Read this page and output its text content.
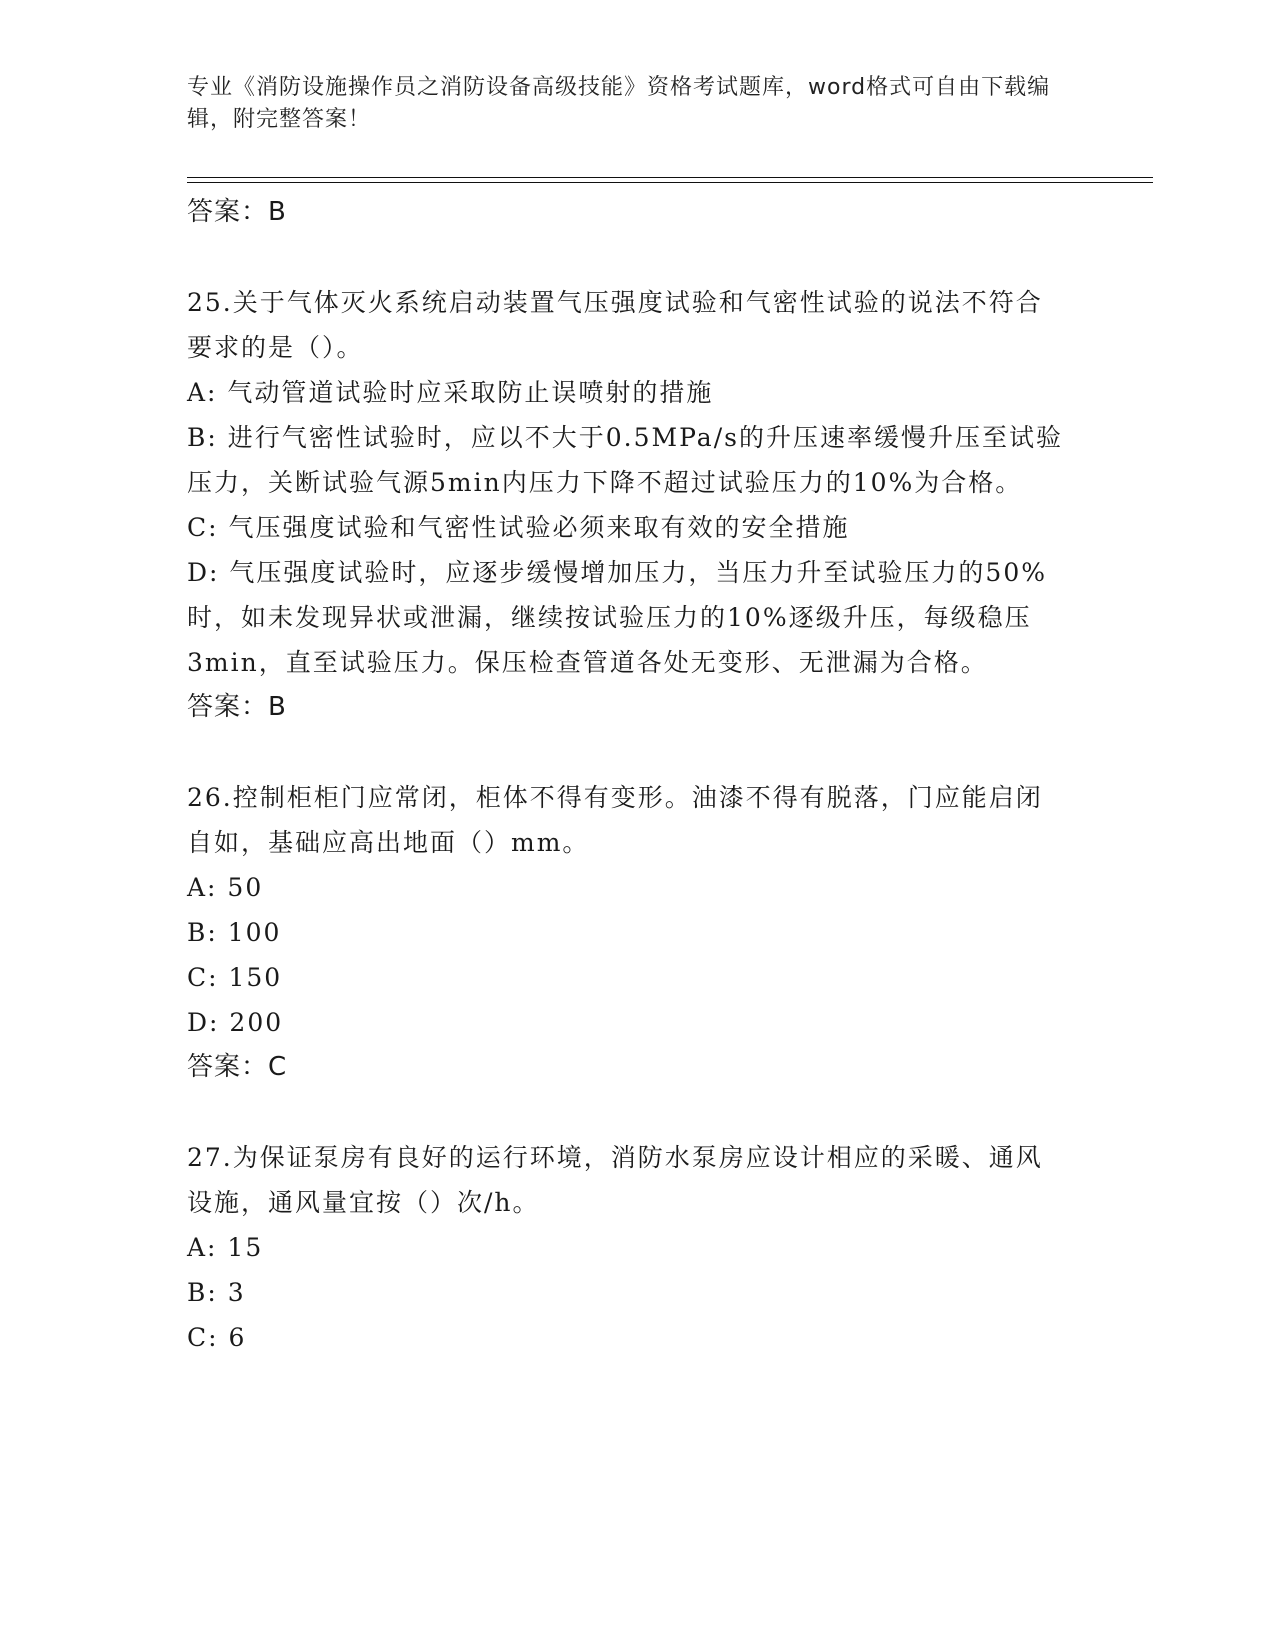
专业《消防设施操作员之消防设备高级技能》资格考试题库，word格式可自由下载编辑，附完整答案！
答案：B
25.关于气体灭火系统启动装置气压强度试验和气密性试验的说法不符合要求的是（）。
A: 气动管道试验时应采取防止误喷射的措施
B: 进行气密性试验时，应以不大于0.5MPa/s的升压速率缓慢升压至试验压力，关断试验气源5min内压力下降不超过试验压力的10%为合格。
C: 气压强度试验和气密性试验必须来取有效的安全措施
D: 气压强度试验时，应逐步缓慢增加压力，当压力升至试验压力的50%时，如未发现异状或泄漏，继续按试验压力的10%逐级升压，每级稳压3min，直至试验压力。保压检查管道各处无变形、无泄漏为合格。
答案：B
26.控制柜柜门应常闭，柜体不得有变形。油漆不得有脱落，门应能启闭自如，基础应高出地面（）mm。
A: 50
B: 100
C: 150
D: 200
答案：C
27.为保证泵房有良好的运行环境，消防水泵房应设计相应的采暖、通风设施，通风量宜按（）次/h。
A: 15
B: 3
C: 6
